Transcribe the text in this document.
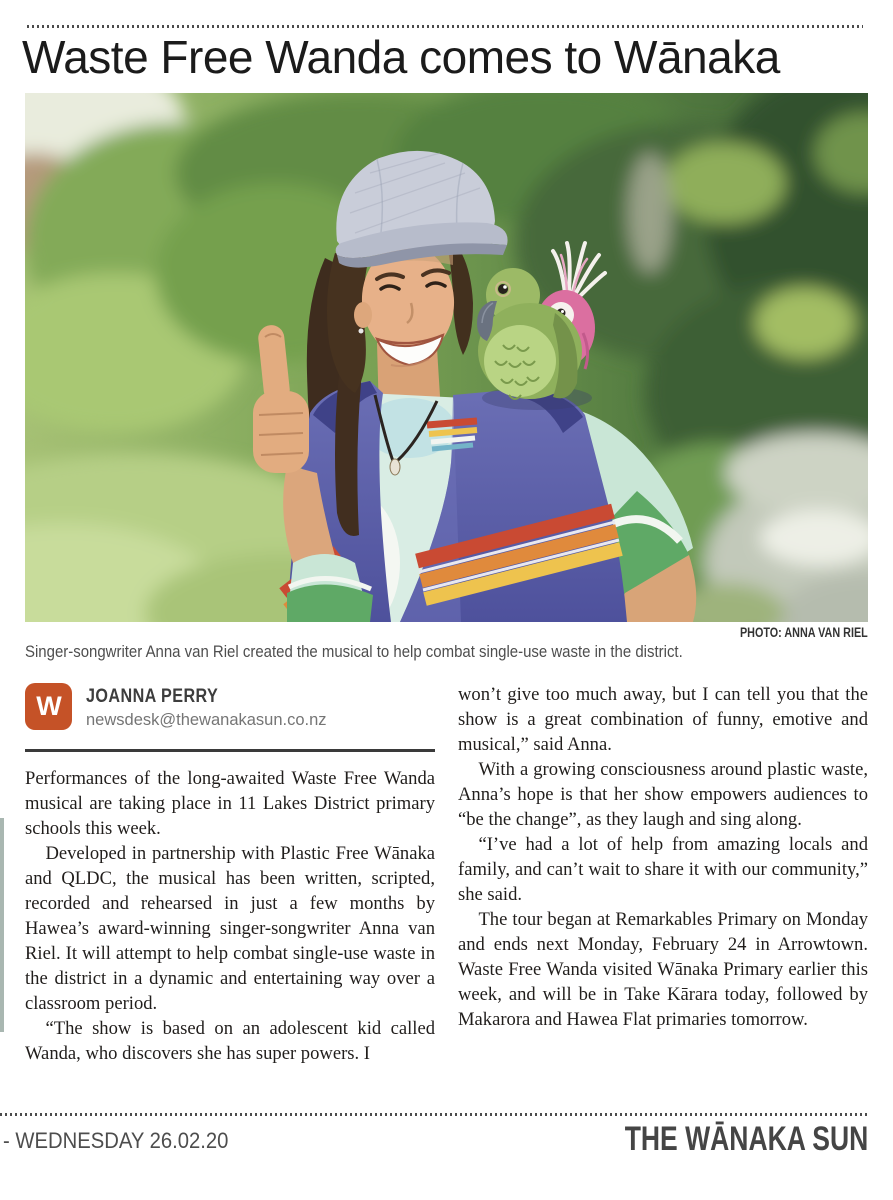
Waste Free Wanda comes to Wānaka
PHOTO: ANNA VAN RIEL
Singer-songwriter Anna van Riel created the musical to help combat single-use waste in the district.
W JOANNA PERRY
newsdesk@thewanakasun.co.nz

Performances of the long-awaited Waste Free Wanda musical are taking place in 11 Lakes District primary schools this week.

Developed in partnership with Plastic Free Wānaka and QLDC, the musical has been written, scripted, recorded and rehearsed in just a few months by Hawea’s award-winning singer-songwriter Anna van Riel. It will attempt to help combat single-use waste in the district in a dynamic and entertaining way over a classroom period.

“The show is based on an adolescent kid called Wanda, who discovers she has super powers. I

won’t give too much away, but I can tell you that the show is a great combination of funny, emotive and musical,” said Anna.

With a growing consciousness around plastic waste, Anna’s hope is that her show empowers audiences to “be the change”, as they laugh and sing along.

“I’ve had a lot of help from amazing locals and family, and can’t wait to share it with our community,” she said.

The tour began at Remarkables Primary on Monday and ends next Monday, February 24 in Arrowtown. Waste Free Wanda visited Wānaka Primary earlier this week, and will be in Take Kārara today, followed by Makarora and Hawea Flat primaries tomorrow.

- WEDNESDAY 26.02.20	THE WĀNAKA SUN
